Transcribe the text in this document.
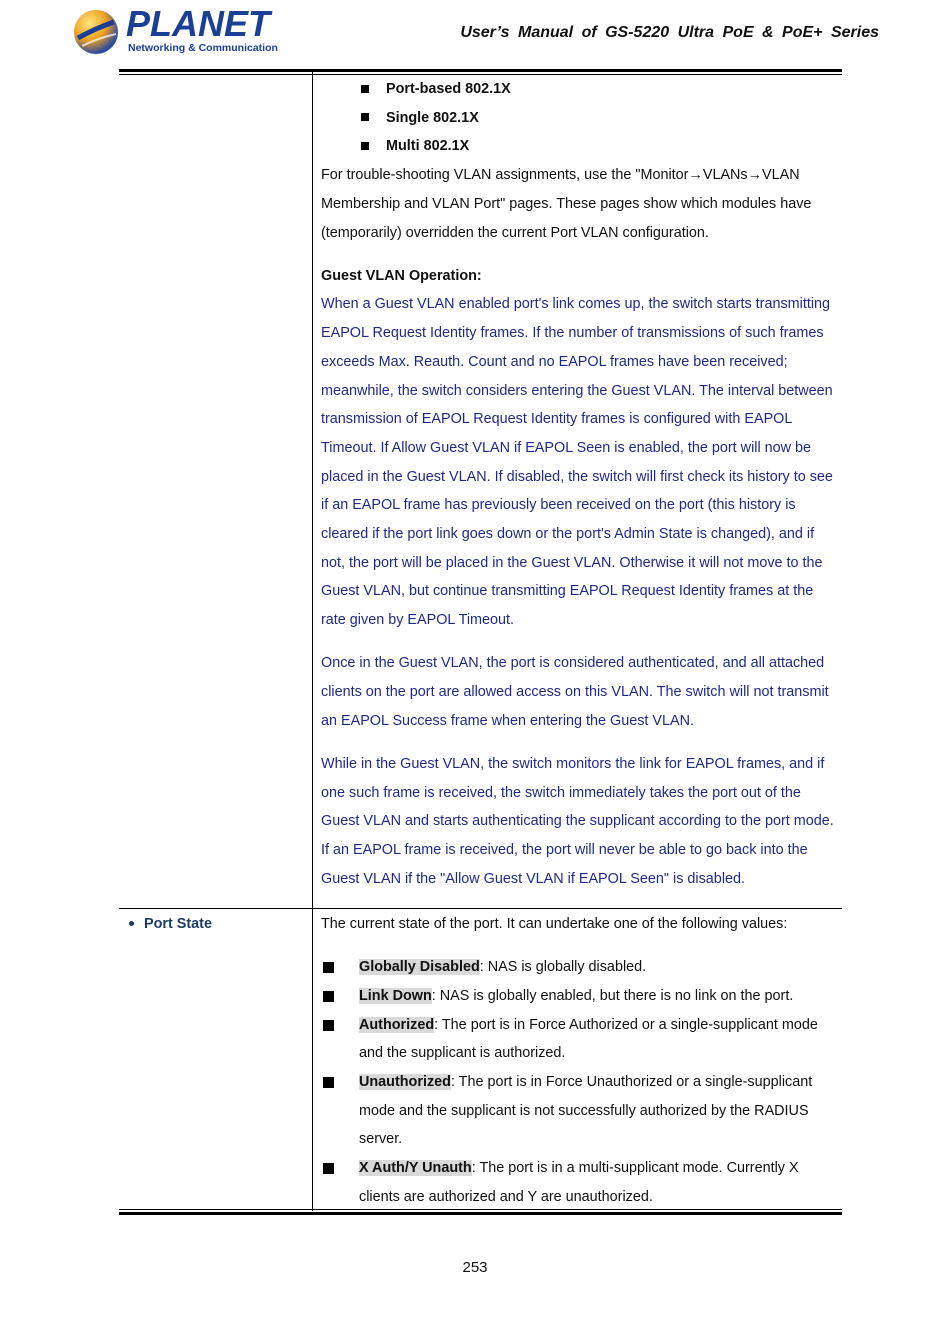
PLANET
Networking & Communication
User’s Manual of GS-5220 Ultra PoE & PoE+ Series
Port-based 802.1X
Single 802.1X
Multi 802.1X
For trouble-shooting VLAN assignments, use the "Monitor→VLANs→VLAN
Membership and VLAN Port" pages. These pages show which modules have
(temporarily) overridden the current Port VLAN configuration.
Guest VLAN Operation:
When a Guest VLAN enabled port's link comes up, the switch starts transmitting
EAPOL Request Identity frames. If the number of transmissions of such frames
exceeds Max. Reauth. Count and no EAPOL frames have been received;
meanwhile, the switch considers entering the Guest VLAN. The interval between
transmission of EAPOL Request Identity frames is configured with EAPOL
Timeout. If Allow Guest VLAN if EAPOL Seen is enabled, the port will now be
placed in the Guest VLAN. If disabled, the switch will first check its history to see
if an EAPOL frame has previously been received on the port (this history is
cleared if the port link goes down or the port's Admin State is changed), and if
not, the port will be placed in the Guest VLAN. Otherwise it will not move to the
Guest VLAN, but continue transmitting EAPOL Request Identity frames at the
rate given by EAPOL Timeout.
Once in the Guest VLAN, the port is considered authenticated, and all attached
clients on the port are allowed access on this VLAN. The switch will not transmit
an EAPOL Success frame when entering the Guest VLAN.
While in the Guest VLAN, the switch monitors the link for EAPOL frames, and if
one such frame is received, the switch immediately takes the port out of the
Guest VLAN and starts authenticating the supplicant according to the port mode.
If an EAPOL frame is received, the port will never be able to go back into the
Guest VLAN if the "Allow Guest VLAN if EAPOL Seen" is disabled.
Port State	The current state of the port. It can undertake one of the following values:
Globally Disabled: NAS is globally disabled.
Link Down: NAS is globally enabled, but there is no link on the port.
Authorized: The port is in Force Authorized or a single-supplicant mode
and the supplicant is authorized.
Unauthorized: The port is in Force Unauthorized or a single-supplicant
mode and the supplicant is not successfully authorized by the RADIUS
server.
X Auth/Y Unauth: The port is in a multi-supplicant mode. Currently X
clients are authorized and Y are unauthorized.
253
